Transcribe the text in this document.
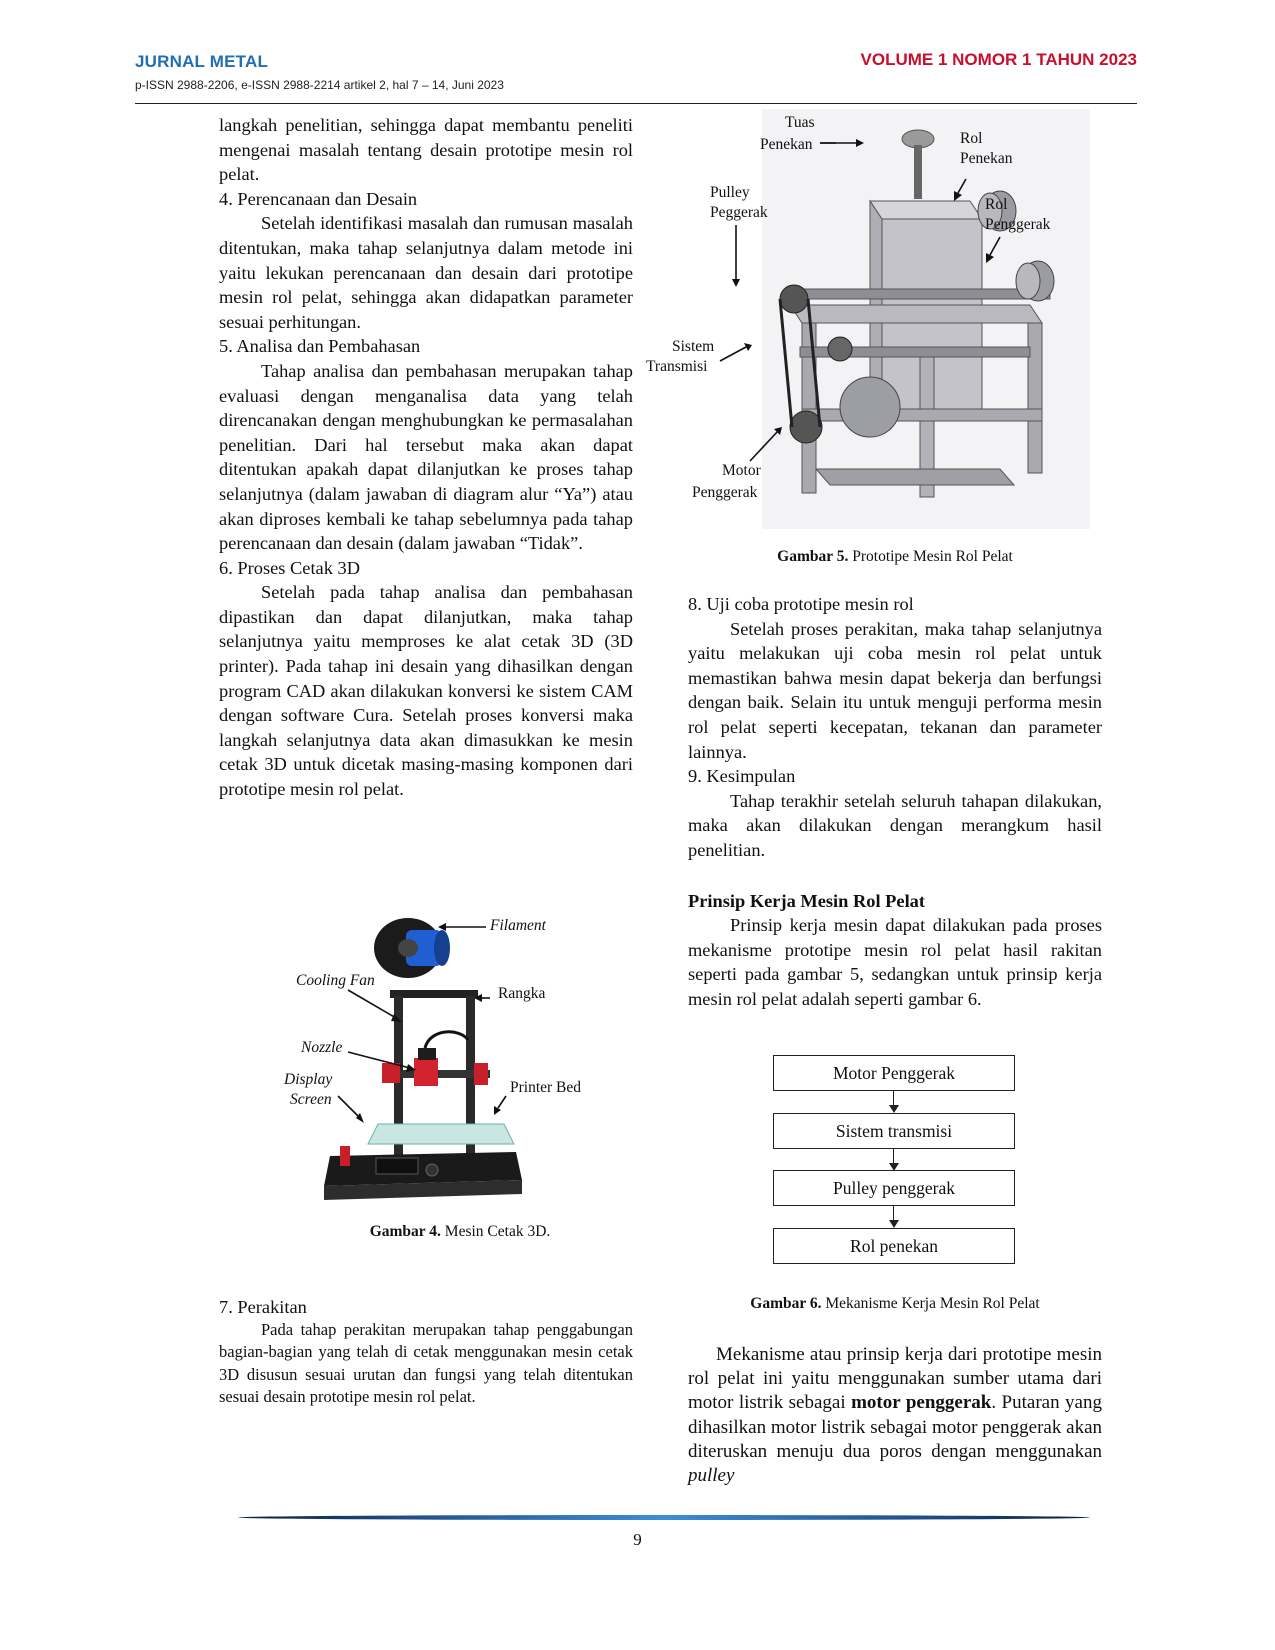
JURNAL METAL
p-ISSN 2988-2206, e-ISSN 2988-2214 artikel 2, hal 7 – 14, Juni 2023
VOLUME 1 NOMOR 1 TAHUN 2023

langkah penelitian, sehingga dapat membantu peneliti mengenai masalah tentang desain prototipe mesin rol pelat.

4. Perencanaan dan Desain

Setelah identifikasi masalah dan rumusan masalah ditentukan, maka tahap selanjutnya dalam metode ini yaitu lekukan perencanaan dan desain dari prototipe mesin rol pelat, sehingga akan didapatkan parameter sesuai perhitungan.

5. Analisa dan Pembahasan

Tahap analisa dan pembahasan merupakan tahap evaluasi dengan menganalisa data yang telah direncanakan dengan menghubungkan ke permasalahan penelitian. Dari hal tersebut maka akan dapat ditentukan apakah dapat dilanjutkan ke proses tahap selanjutnya (dalam jawaban di diagram alur “Ya”) atau akan diproses kembali ke tahap sebelumnya pada tahap perencanaan dan desain (dalam jawaban “Tidak”.

6. Proses Cetak 3D

Setelah pada tahap analisa dan pembahasan dipastikan dan dapat dilanjutkan, maka tahap selanjutnya yaitu memproses ke alat cetak 3D (3D printer). Pada tahap ini desain yang dihasilkan dengan program CAD akan dilakukan konversi ke sistem CAM dengan software Cura. Setelah proses konversi maka langkah selanjutnya data akan dimasukkan ke mesin cetak 3D untuk dicetak masing-masing komponen dari prototipe mesin rol pelat.

Filament
Cooling Fan
Rangka
Nozzle
Display
Screen
Printer Bed
Gambar 4. Mesin Cetak 3D.

7. Perakitan

Pada tahap perakitan merupakan tahap penggabungan bagian-bagian yang telah di cetak menggunakan mesin cetak 3D disusun sesuai urutan dan fungsi yang telah ditentukan sesuai desain prototipe mesin rol pelat.

Tuas
Penekan	Rol
Penekan
Pulley
Peggerak	Rol
Penggerak
Sistem
Transmisi
Motor
Penggerak
Gambar 5. Prototipe Mesin Rol Pelat

8. Uji coba prototipe mesin rol

Setelah proses perakitan, maka tahap selanjutnya yaitu melakukan uji coba mesin rol pelat untuk memastikan bahwa mesin dapat bekerja dan berfungsi dengan baik. Selain itu untuk menguji performa mesin rol pelat seperti kecepatan, tekanan dan parameter lainnya.

9. Kesimpulan

Tahap terakhir setelah seluruh tahapan dilakukan, maka akan dilakukan dengan merangkum hasil penelitian.

Prinsip Kerja Mesin Rol Pelat

Prinsip kerja mesin dapat dilakukan pada proses mekanisme prototipe mesin rol pelat hasil rakitan seperti pada gambar 5, sedangkan untuk prinsip kerja mesin rol pelat adalah seperti gambar 6.

Motor Penggerak
Sistem transmisi
Pulley penggerak
Rol penekan
Gambar 6. Mekanisme Kerja Mesin Rol Pelat

Mekanisme atau prinsip kerja dari prototipe mesin rol pelat ini yaitu menggunakan sumber utama dari motor listrik sebagai motor penggerak. Putaran yang dihasilkan motor listrik sebagai motor penggerak akan diteruskan menuju dua poros dengan menggunakan pulley

9
